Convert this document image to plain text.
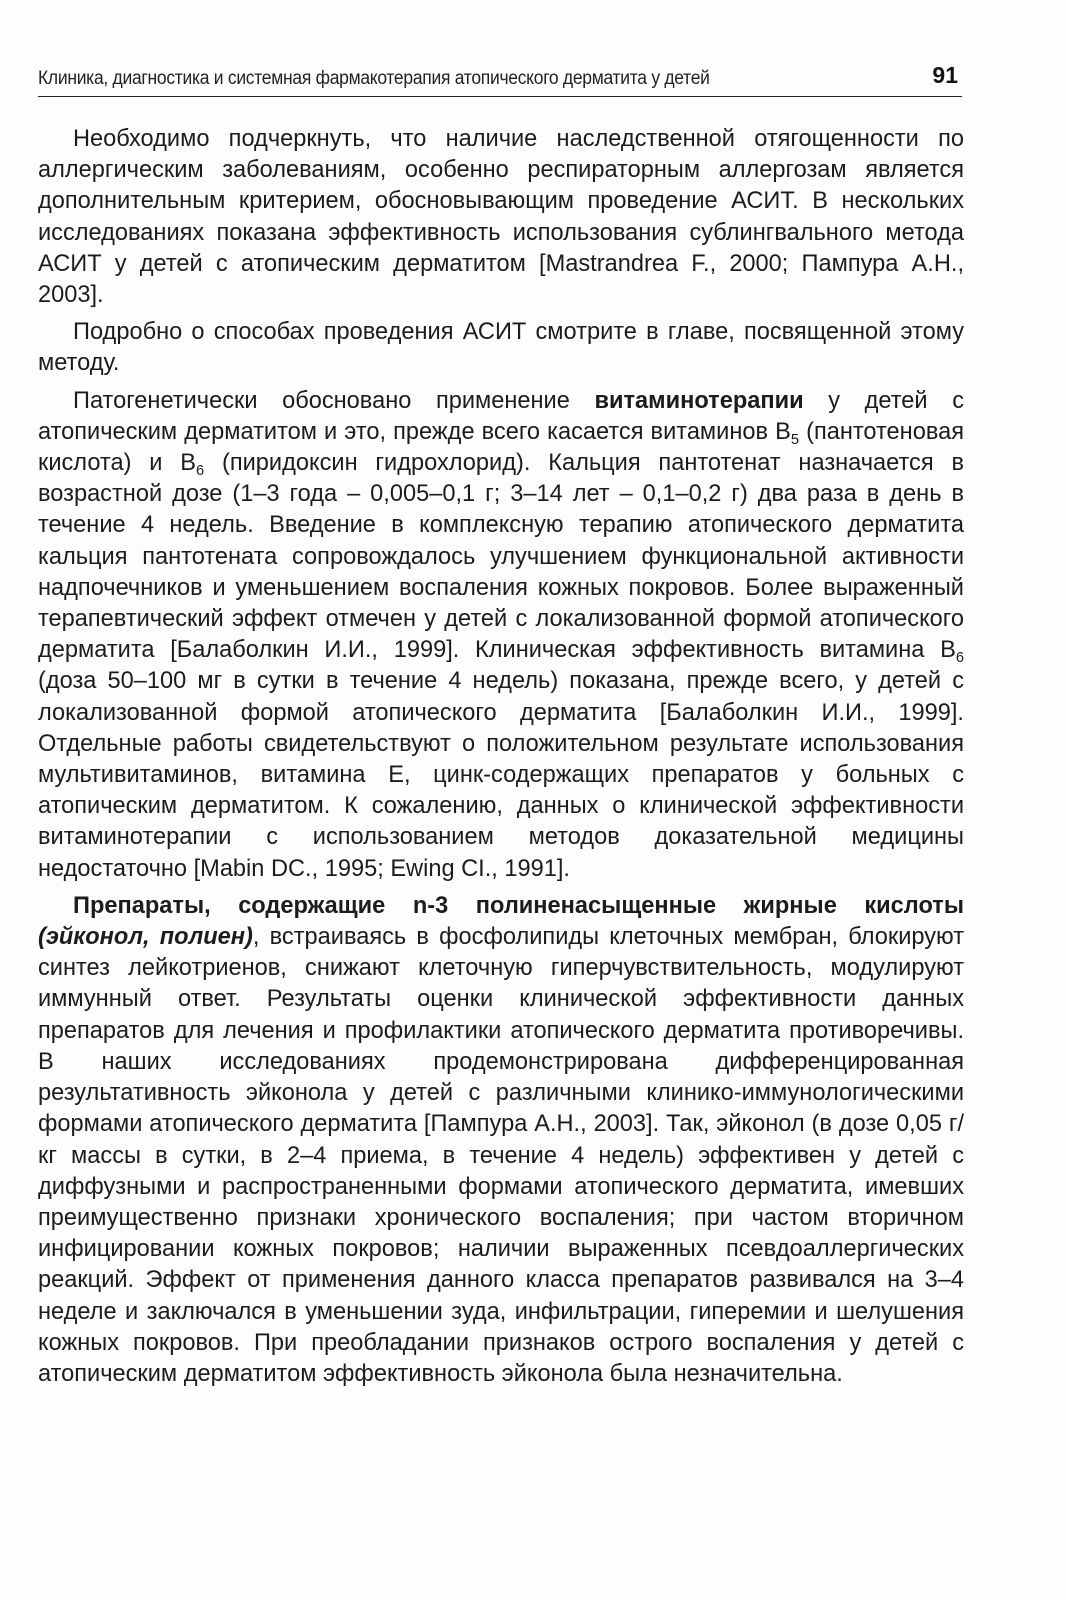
Клиника, диагностика и системная фармакотерапия атопического дерматита у детей	91

Необходимо подчеркнуть, что наличие наследственной отягощенности по аллергическим заболеваниям, особенно респираторным аллергозам является дополнительным критерием, обосновывающим проведение АСИТ. В нескольких исследованиях показана эффективность использования сублингвального метода АСИТ у детей с атопическим дерматитом [Mastrandrea F., 2000; Пампура А.Н., 2003].

Подробно о способах проведения АСИТ смотрите в главе, посвященной этому методу.

Патогенетически обосновано применение витаминотерапии у детей с атопическим дерматитом и это, прежде всего касается витаминов $B_5$ (пантотеновая кислота) и $B_6$ (пиридоксин гидрохлорид). Кальция пантотенат назначается в возрастной дозе (1–3 года – 0,005–0,1 г; 3–14 лет – 0,1–0,2 г) два раза в день в течение 4 недель. Введение в комплексную терапию атопического дерматита кальция пантотената сопровождалось улучшением функциональной активности надпочечников и уменьшением воспаления кожных покровов. Более выраженный терапевтический эффект отмечен у детей с локализованной формой атопического дерматита [Балаболкин И.И., 1999]. Клиническая эффективность витамина $B_6$ (доза 50–100 мг в сутки в течение 4 недель) показана, прежде всего, у детей с локализованной формой атопического дерматита [Балаболкин И.И., 1999]. Отдельные работы свидетельствуют о положительном результате использования мультивитаминов, витамина Е, цинк-содержащих препаратов у больных с атопическим дерматитом. К сожалению, данных о клинической эффективности витаминотерапии с использованием методов доказательной медицины недостаточно [Mabin DC., 1995; Ewing CI., 1991].

Препараты, содержащие n-3 полиненасыщенные жирные кислоты (эйконол, полиен), встраиваясь в фосфолипиды клеточных мембран, блокируют синтез лейкотриенов, снижают клеточную гиперчувствительность, модулируют иммунный ответ. Результаты оценки клинической эффективности данных препаратов для лечения и профилактики атопического дерматита противоречивы. В наших исследованиях продемонстрирована дифференцированная результативность эйконола у детей с различными клинико-иммунологическими формами атопического дерматита [Пампура А.Н., 2003]. Так, эйконол (в дозе 0,05 г/кг массы в сутки, в 2–4 приема, в течение 4 недель) эффективен у детей с диффузными и распространенными формами атопического дерматита, имевших преимущественно признаки хронического воспаления; при частом вторичном инфицировании кожных покровов; наличии выраженных псевдоаллергических реакций. Эффект от применения данного класса препаратов развивался на 3–4 неделе и заключался в уменьшении зуда, инфильтрации, гиперемии и шелушения кожных покровов. При преобладании признаков острого воспаления у детей с атопическим дерматитом эффективность эйконола была незначительна.
